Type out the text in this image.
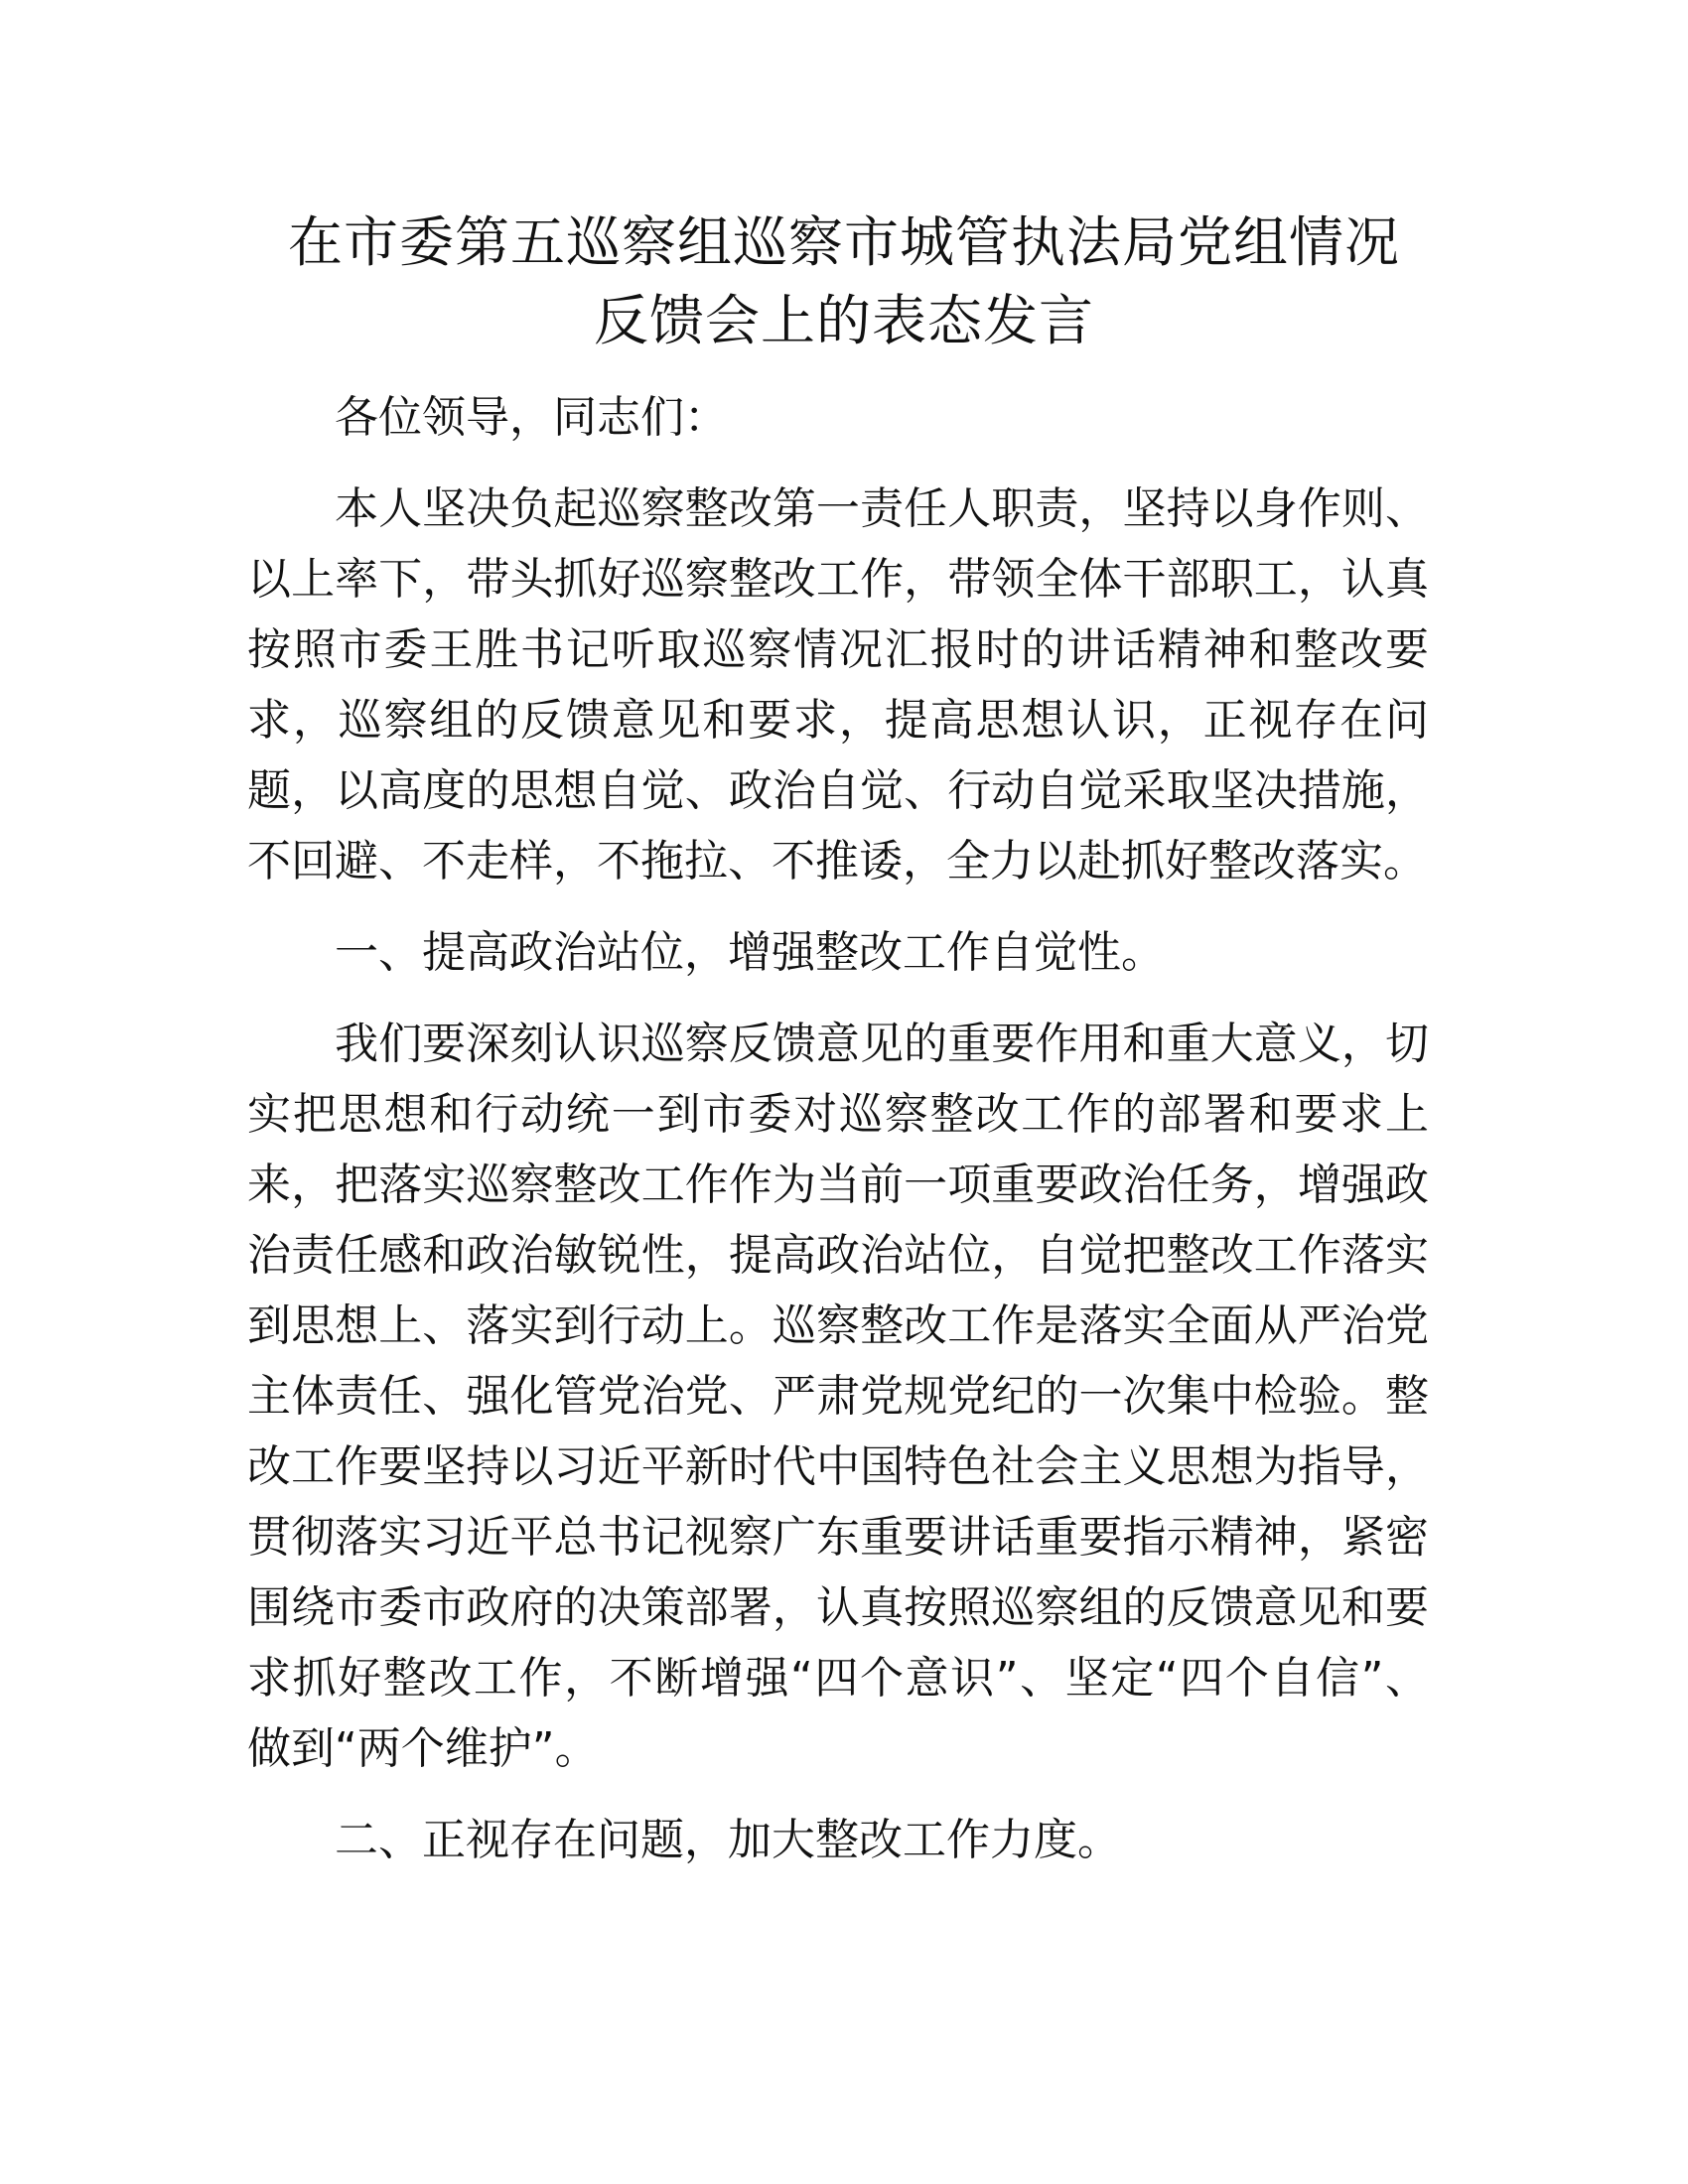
在市委第五巡察组巡察市城管执法局党组情况
反馈会上的表态发言

各位领导，同志们：

本人坚决负起巡察整改第一责任人职责，坚持以身作则、以上率下，带头抓好巡察整改工作，带领全体干部职工，认真按照市委王胜书记听取巡察情况汇报时的讲话精神和整改要求，巡察组的反馈意见和要求，提高思想认识，正视存在问题，以高度的思想自觉、政治自觉、行动自觉采取坚决措施，不回避、不走样，不拖拉、不推诿，全力以赴抓好整改落实。

一、提高政治站位，增强整改工作自觉性。

我们要深刻认识巡察反馈意见的重要作用和重大意义，切实把思想和行动统一到市委对巡察整改工作的部署和要求上来，把落实巡察整改工作作为当前一项重要政治任务，增强政治责任感和政治敏锐性，提高政治站位，自觉把整改工作落实到思想上、落实到行动上。巡察整改工作是落实全面从严治党主体责任、强化管党治党、严肃党规党纪的一次集中检验。整改工作要坚持以习近平新时代中国特色社会主义思想为指导，贯彻落实习近平总书记视察广东重要讲话重要指示精神，紧密围绕市委市政府的决策部署，认真按照巡察组的反馈意见和要求抓好整改工作，不断增强“四个意识”、坚定“四个自信”、做到“两个维护”。

二、正视存在问题，加大整改工作力度。
